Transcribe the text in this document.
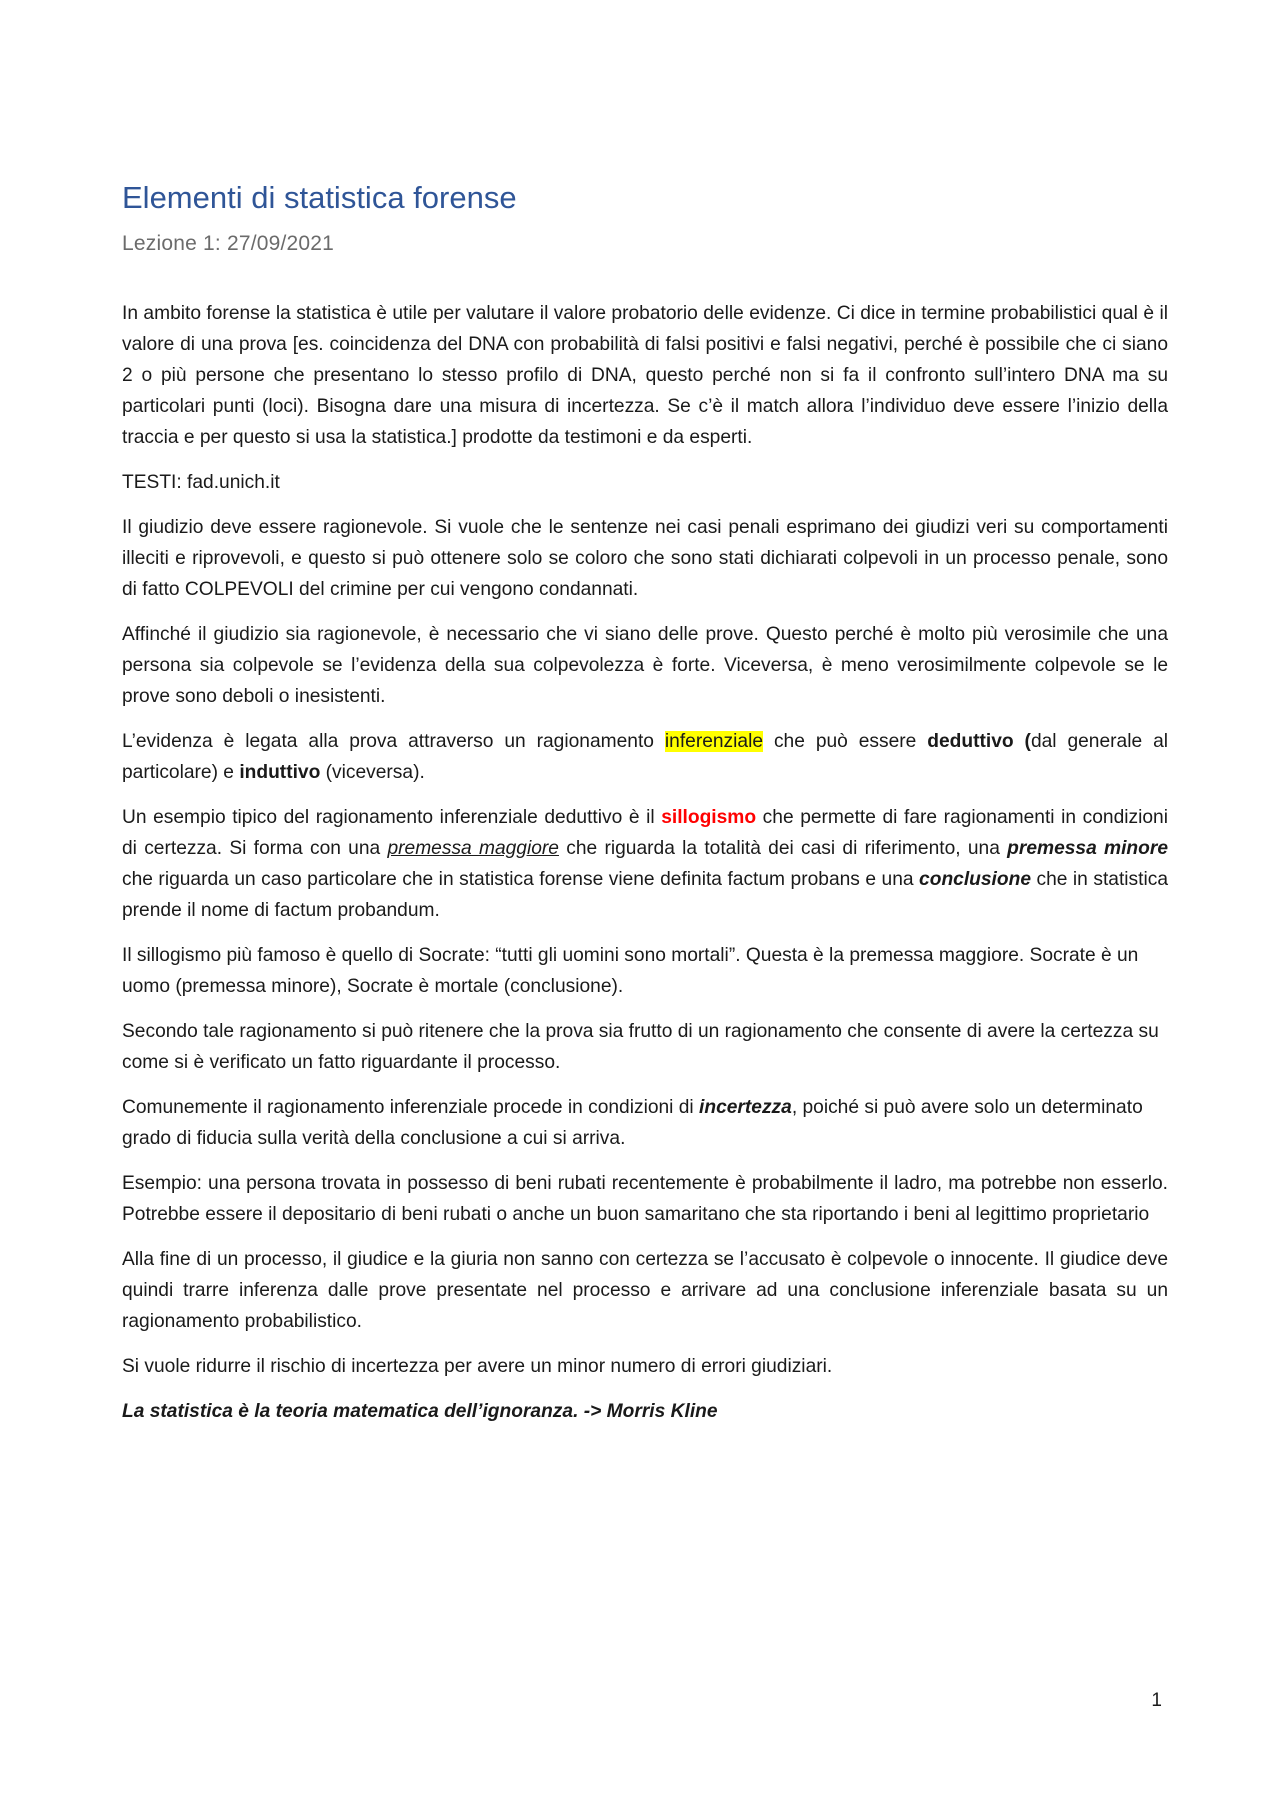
Elementi di statistica forense
Lezione 1: 27/09/2021

In ambito forense la statistica è utile per valutare il valore probatorio delle evidenze. Ci dice in termine probabilistici qual è il valore di una prova [es. coincidenza del DNA con probabilità di falsi positivi e falsi negativi, perché è possibile che ci siano 2 o più persone che presentano lo stesso profilo di DNA, questo perché non si fa il confronto sull’intero DNA ma su particolari punti (loci). Bisogna dare una misura di incertezza. Se c’è il match allora l’individuo deve essere l’inizio della traccia e per questo si usa la statistica.] prodotte da testimoni e da esperti.

TESTI: fad.unich.it

Il giudizio deve essere ragionevole. Si vuole che le sentenze nei casi penali esprimano dei giudizi veri su comportamenti illeciti e riprovevoli, e questo si può ottenere solo se coloro che sono stati dichiarati colpevoli in un processo penale, sono di fatto COLPEVOLI del crimine per cui vengono condannati.

Affinché il giudizio sia ragionevole, è necessario che vi siano delle prove. Questo perché è molto più verosimile che una persona sia colpevole se l’evidenza della sua colpevolezza è forte. Viceversa, è meno verosimilmente colpevole se le prove sono deboli o inesistenti.

L’evidenza è legata alla prova attraverso un ragionamento inferenziale che può essere deduttivo (dal generale al particolare) e induttivo (viceversa).

Un esempio tipico del ragionamento inferenziale deduttivo è il sillogismo che permette di fare ragionamenti in condizioni di certezza. Si forma con una premessa maggiore che riguarda la totalità dei casi di riferimento, una premessa minore che riguarda un caso particolare che in statistica forense viene definita factum probans e una conclusione che in statistica prende il nome di factum probandum.

Il sillogismo più famoso è quello di Socrate: “tutti gli uomini sono mortali”. Questa è la premessa maggiore. Socrate è un uomo (premessa minore), Socrate è mortale (conclusione).

Secondo tale ragionamento si può ritenere che la prova sia frutto di un ragionamento che consente di avere la certezza su come si è verificato un fatto riguardante il processo.

Comunemente il ragionamento inferenziale procede in condizioni di incertezza, poiché si può avere solo un determinato grado di fiducia sulla verità della conclusione a cui si arriva.

Esempio: una persona trovata in possesso di beni rubati recentemente è probabilmente il ladro, ma potrebbe non esserlo. Potrebbe essere il depositario di beni rubati o anche un buon samaritano che sta riportando i beni al legittimo proprietario

Alla fine di un processo, il giudice e la giuria non sanno con certezza se l’accusato è colpevole o innocente. Il giudice deve quindi trarre inferenza dalle prove presentate nel processo e arrivare ad una conclusione inferenziale basata su un ragionamento probabilistico.

Si vuole ridurre il rischio di incertezza per avere un minor numero di errori giudiziari.

La statistica è la teoria matematica dell’ignoranza. -> Morris Kline

1
